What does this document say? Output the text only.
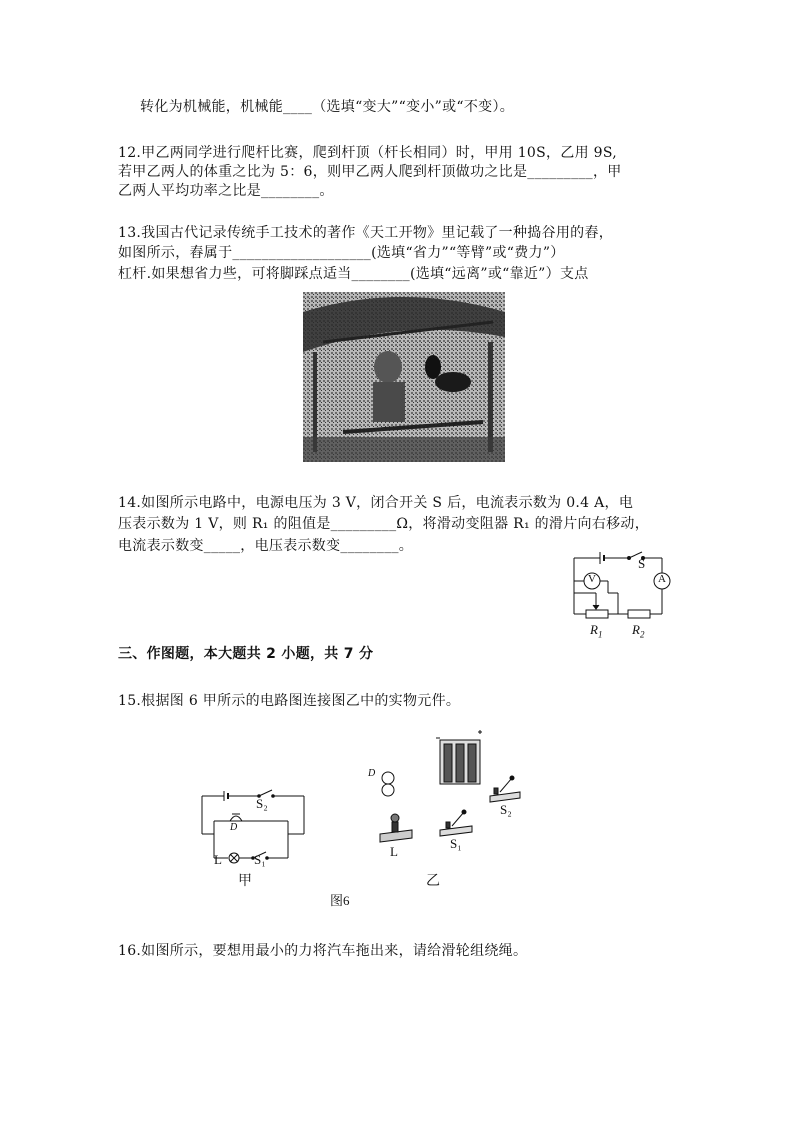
转化为机械能，机械能____（选填“变大”“变小”或“不变）。
12.甲乙两同学进行爬杆比赛，爬到杆顶（杆长相同）时，甲用 10S，乙用 9S,
若甲乙两人的体重之比为 5：6，则甲乙两人爬到杆顶做功之比是_________，甲
乙两人平均功率之比是________。
13.我国古代记录传统手工技术的著作《天工开物》里记载了一种捣谷用的舂，
如图所示，舂属于___________________(选填“省力”“等臂”或“费力”）
杠杆.如果想省力些，可将脚踩点适当________(选填“远离”或“靠近”）支点
14.如图所示电路中，电源电压为 3 V，闭合开关 S 后，电流表示数为 0.4 A，电
压表示数为 1 V，则 R₁ 的阻值是_________Ω，将滑动变阻器 R₁ 的滑片向右移动，
电流表示数变_____，电压表示数变________。
S
A
V
$R_1$ $R_2$
三、作图题，本大题共 2 小题，共 7 分
15.根据图 6 甲所示的电路图连接图乙中的实物元件。
S₂
D
L S₁
甲
D
S₂
L
S₁
乙
图6
16.如图所示，要想用最小的力将汽车拖出来，请给滑轮组绕绳。
